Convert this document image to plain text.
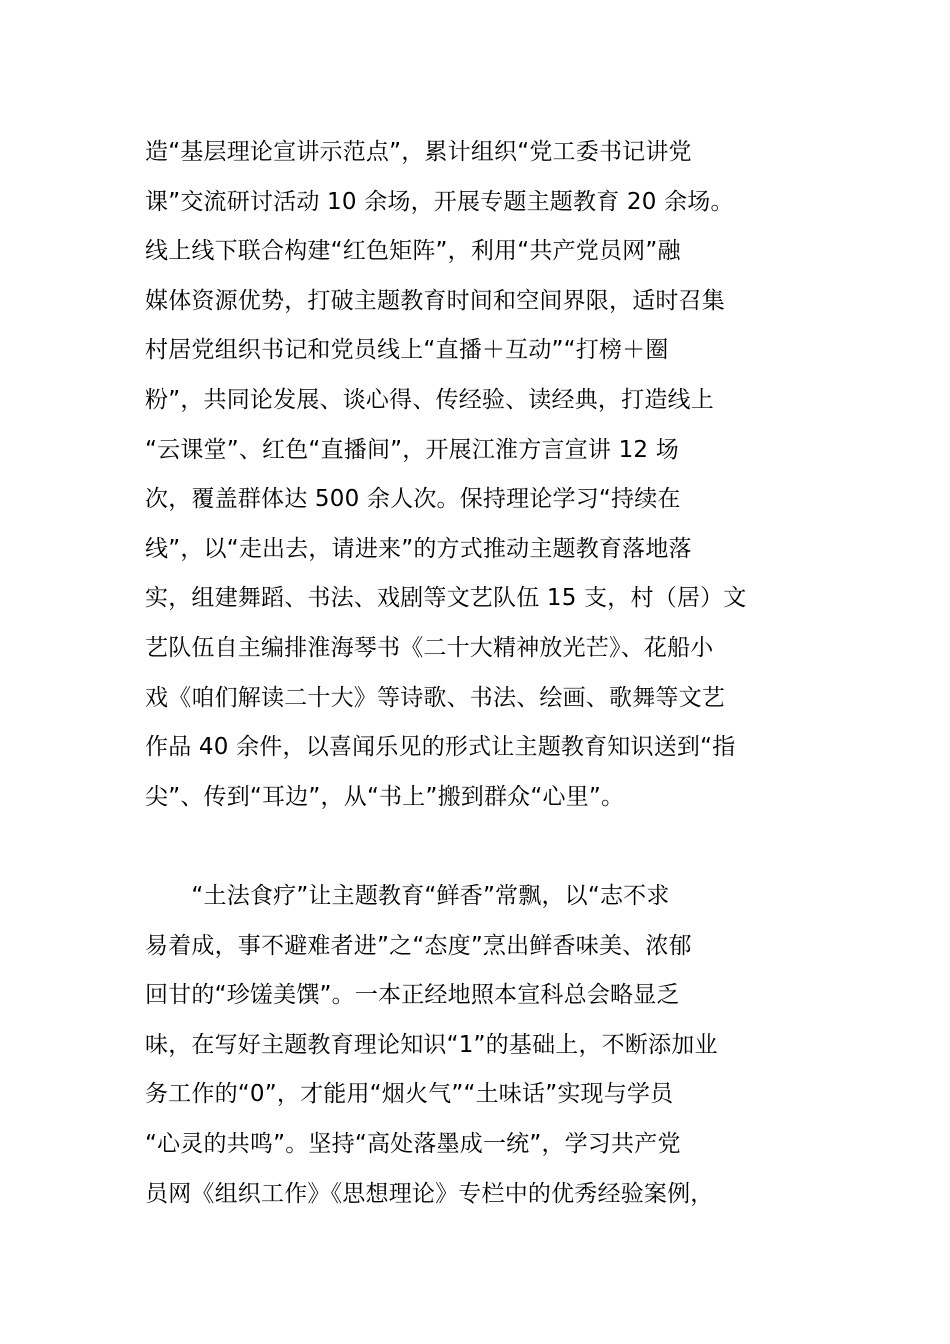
造“基层理论宣讲示范点”，累计组织“党工委书记讲党
课”交流研讨活动 10 余场，开展专题主题教育 20 余场。
线上线下联合构建“红色矩阵”，利用“共产党员网”融
媒体资源优势，打破主题教育时间和空间界限，适时召集
村居党组织书记和党员线上“直播＋互动”“打榜＋圈
粉”，共同论发展、谈心得、传经验、读经典，打造线上
“云课堂”、红色“直播间”，开展江淮方言宣讲 12 场
次，覆盖群体达 500 余人次。保持理论学习“持续在
线”，以“走出去，请进来”的方式推动主题教育落地落
实，组建舞蹈、书法、戏剧等文艺队伍 15 支，村（居）文
艺队伍自主编排淮海琴书《二十大精神放光芒》、花船小
戏《咱们解读二十大》等诗歌、书法、绘画、歌舞等文艺
作品 40 余件，以喜闻乐见的形式让主题教育知识送到“指
尖”、传到“耳边”，从“书上”搬到群众“心里”。
　　“土法食疗”让主题教育“鲜香”常飘，以“志不求
易着成，事不避难者进”之“态度”烹出鲜香味美、浓郁
回甘的“珍馐美馔”。一本正经地照本宣科总会略显乏
味，在写好主题教育理论知识“1”的基础上，不断添加业
务工作的“0”，才能用“烟火气”“土味话”实现与学员
“心灵的共鸣”。坚持“高处落墨成一统”，学习共产党
员网《组织工作》《思想理论》专栏中的优秀经验案例，
